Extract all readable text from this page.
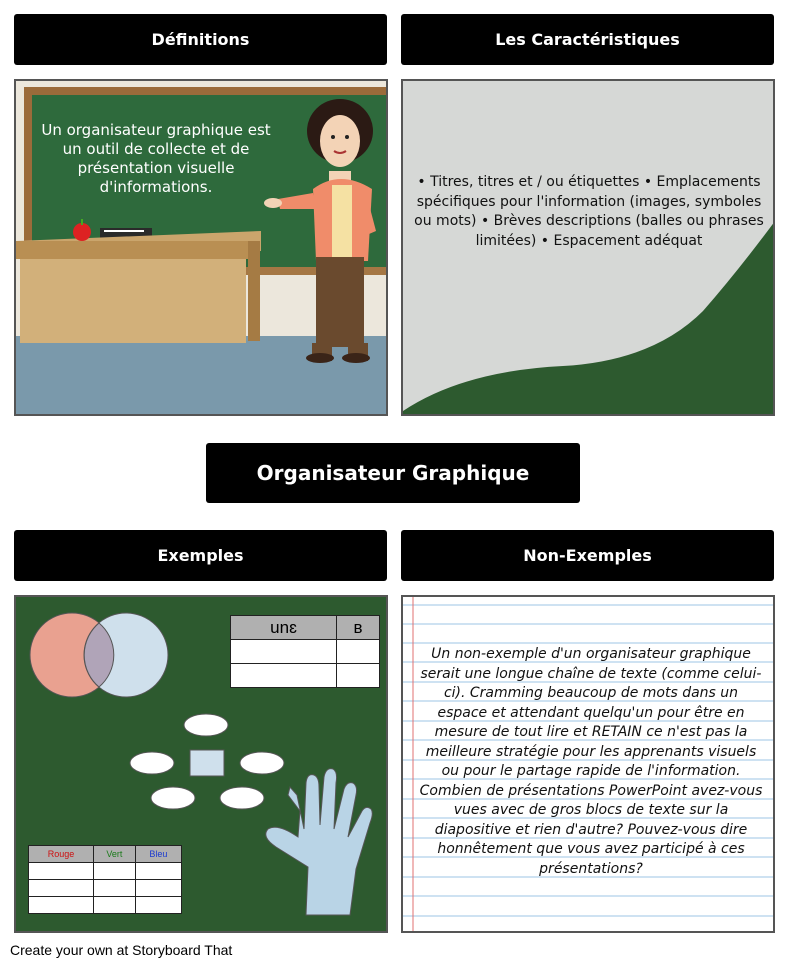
Définitions	Les Caractéristiques
Un organisateur graphique est un outil de collecte et de présentation visuelle d'informations.	• Titres, titres et / ou étiquettes • Emplacements spécifiques pour l'information (images, symboles ou mots) • Brèves descriptions (balles ou phrases limitées) • Espacement adéquat
Organisateur Graphique
Exemples	Non-Exemples
unɛ	в

Rouge	Vert	Bleu

Un non-exemple d'un organisateur graphique serait une longue chaîne de texte (comme celui-ci). Cramming beaucoup de mots dans un espace et attendant quelqu'un pour être en mesure de tout lire et RETAIN ce n'est pas la meilleure stratégie pour les apprenants visuels ou pour le partage rapide de l'information. Combien de présentations PowerPoint avez-vous vues avec de gros blocs de texte sur la diapositive et rien d'autre? Pouvez-vous dire honnêtement que vous avez participé à ces présentations?
Create your own at Storyboard That
